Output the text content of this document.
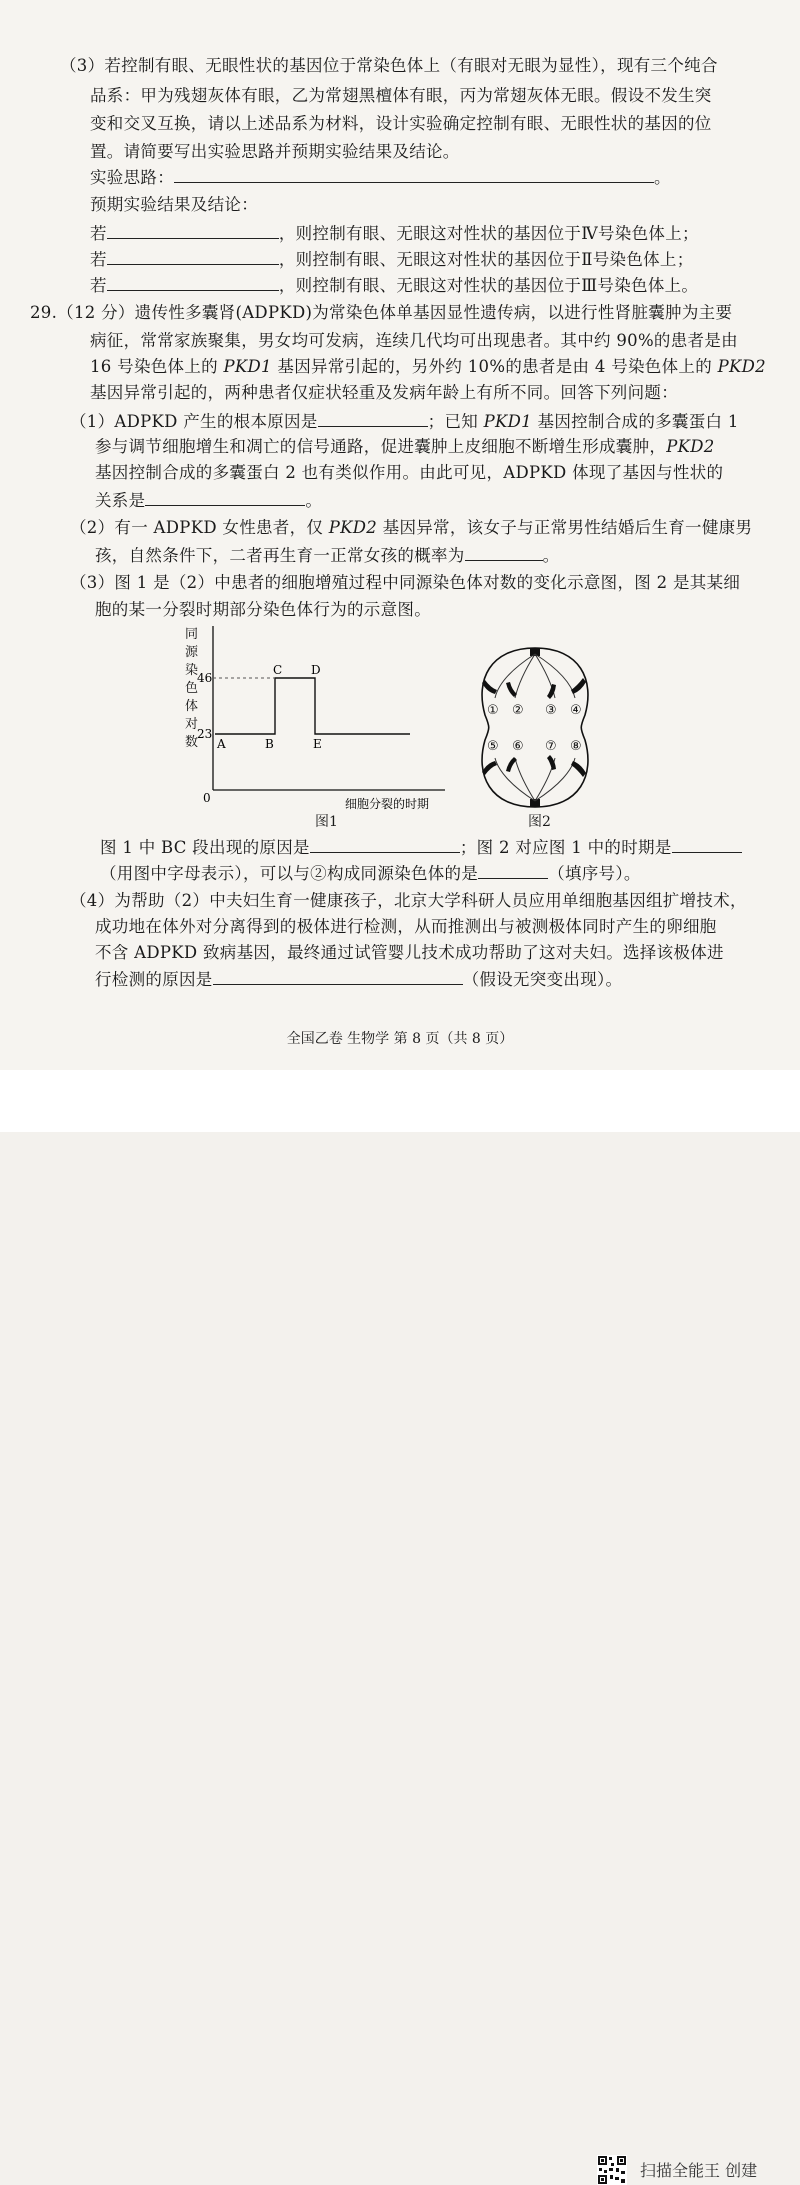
（3）若控制有眼、无眼性状的基因位于常染色体上（有眼对无眼为显性），现有三个纯合
品系：甲为残翅灰体有眼，乙为常翅黑檀体有眼，丙为常翅灰体无眼。假设不发生突
变和交叉互换，请以上述品系为材料，设计实验确定控制有眼、无眼性状的基因的位
置。请简要写出实验思路并预期实验结果及结论。
实验思路：	。
预期实验结果及结论：
若	，则控制有眼、无眼这对性状的基因位于Ⅳ号染色体上；
若	，则控制有眼、无眼这对性状的基因位于Ⅱ号染色体上；
若	，则控制有眼、无眼这对性状的基因位于Ⅲ号染色体上。
29.（12 分）遗传性多囊肾(ADPKD)为常染色体单基因显性遗传病，以进行性肾脏囊肿为主要
病征，常常家族聚集，男女均可发病，连续几代均可出现患者。其中约 90%的患者是由
16 号染色体上的 PKD1 基因异常引起的，另外约 10%的患者是由 4 号染色体上的 PKD2
基因异常引起的，两种患者仅症状轻重及发病年龄上有所不同。回答下列问题：
（1）ADPKD 产生的根本原因是	；已知 PKD1 基因控制合成的多囊蛋白 1
参与调节细胞增生和凋亡的信号通路，促进囊肿上皮细胞不断增生形成囊肿，PKD2
基因控制合成的多囊蛋白 2 也有类似作用。由此可见，ADPKD 体现了基因与性状的
关系是	。
（2）有一 ADPKD 女性患者，仅 PKD2 基因异常，该女子与正常男性结婚后生育一健康男
孩，自然条件下，二者再生育一正常女孩的概率为	。
（3）图 1 是（2）中患者的细胞增殖过程中同源染色体对数的变化示意图，图 2 是其某细
胞的某一分裂时期部分染色体行为的示意图。
同
源
染
色
体
对
数 A	B
C D
E
46
23
0	细胞分裂的时期
图1
① ② ③ ④
⑤ ⑥ ⑦ ⑧
图2
图 1 中 BC 段出现的原因是	；图 2 对应图 1 中的时期是
（用图中字母表示），可以与②构成同源染色体的是	（填序号）。
（4）为帮助（2）中夫妇生育一健康孩子，北京大学科研人员应用单细胞基因组扩增技术，
成功地在体外对分离得到的极体进行检测，从而推测出与被测极体同时产生的卵细胞
不含 ADPKD 致病基因，最终通过试管婴儿技术成功帮助了这对夫妇。选择该极体进
行检测的原因是	（假设无突变出现）。
全国乙卷 生物学 第 8 页（共 8 页）
扫描全能王 创建
